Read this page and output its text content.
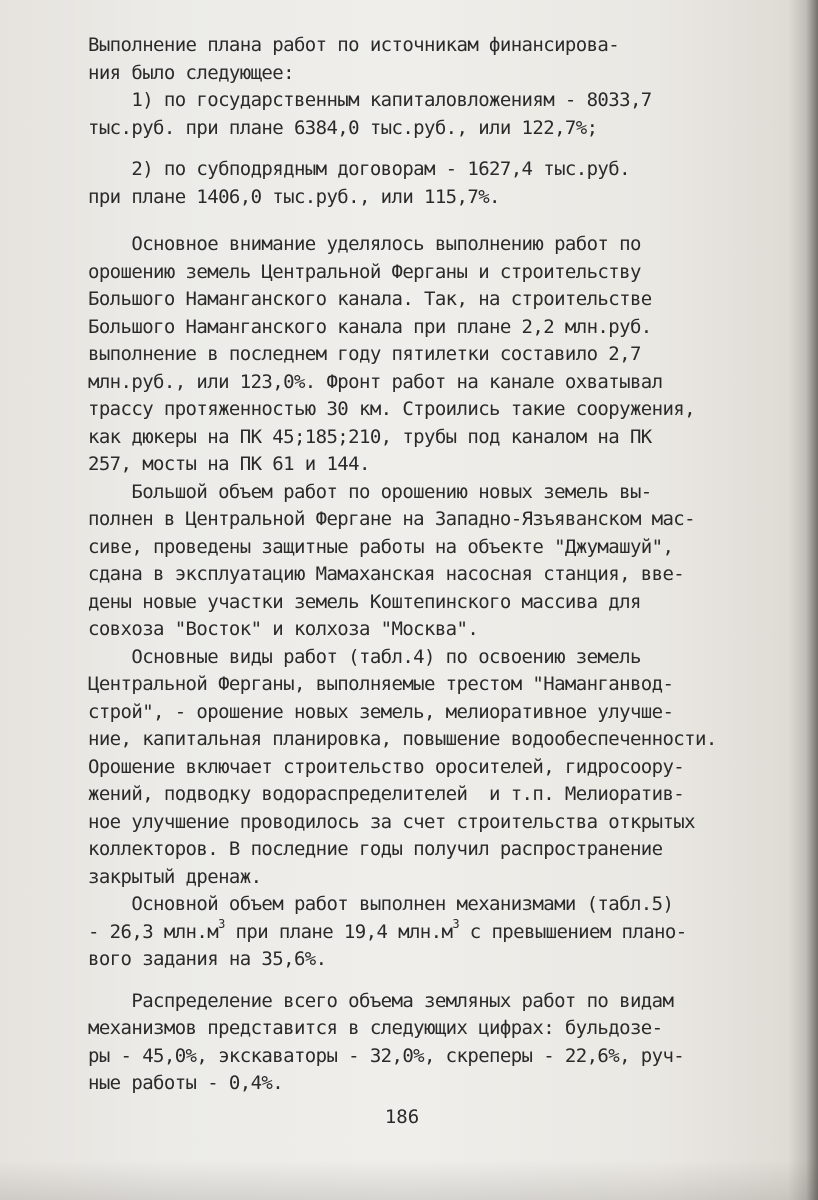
Выполнение плана работ по источникам финансирова-
ния было следующее:
1) по государственным капиталовложениям - 8033,7
тыс.руб. при плане 6384,0 тыс.руб., или 122,7%;
2) по субподрядным договорам - 1627,4 тыс.руб.
при плане 1406,0 тыс.руб., или 115,7%.
Основное внимание уделялось выполнению работ по
орошению земель Центральной Ферганы и строительству
Большого Наманганского канала. Так, на строительстве
Большого Наманганского канала при плане 2,2 млн.руб.
выполнение в последнем году пятилетки составило 2,7
млн.руб., или 123,0%. Фронт работ на канале охватывал
трассу протяженностью 30 км. Строились такие сооружения,
как дюкеры на ПК 45;185;210, трубы под каналом на ПК
257, мосты на ПК 61 и 144.
Большой объем работ по орошению новых земель вы-
полнен в Центральной Фергане на Западно-Язъяванском мас-
сиве, проведены защитные работы на объекте "Джумашуй",
сдана в эксплуатацию Мамаханская насосная станция, вве-
дены новые участки земель Коштепинского массива для
совхоза "Восток" и колхоза "Москва".
Основные виды работ (табл.4) по освоению земель
Центральной Ферганы, выполняемые трестом "Наманганвод-
строй", - орошение новых земель, мелиоративное улучше-
ние, капитальная планировка, повышение водообеспеченности.
Орошение включает строительство оросителей, гидросоору-
жений, подводку водораспределителей  и т.п. Мелиоратив-
ное улучшение проводилось за счет строительства открытых
коллекторов. В последние годы получил распространение
закрытый дренаж.
Основной объем работ выполнен механизмами (табл.5)
- 26,3 $млн.м^3$ при плане 19,4 $млн.м^3$ с превышением плано-
вого задания на 35,6%.
Распределение всего объема земляных работ по видам
механизмов представится в следующих цифрах: бульдозе-
ры - 45,0%, экскаваторы - 32,0%, скреперы - 22,6%, руч-
ные работы - 0,4%.
186
